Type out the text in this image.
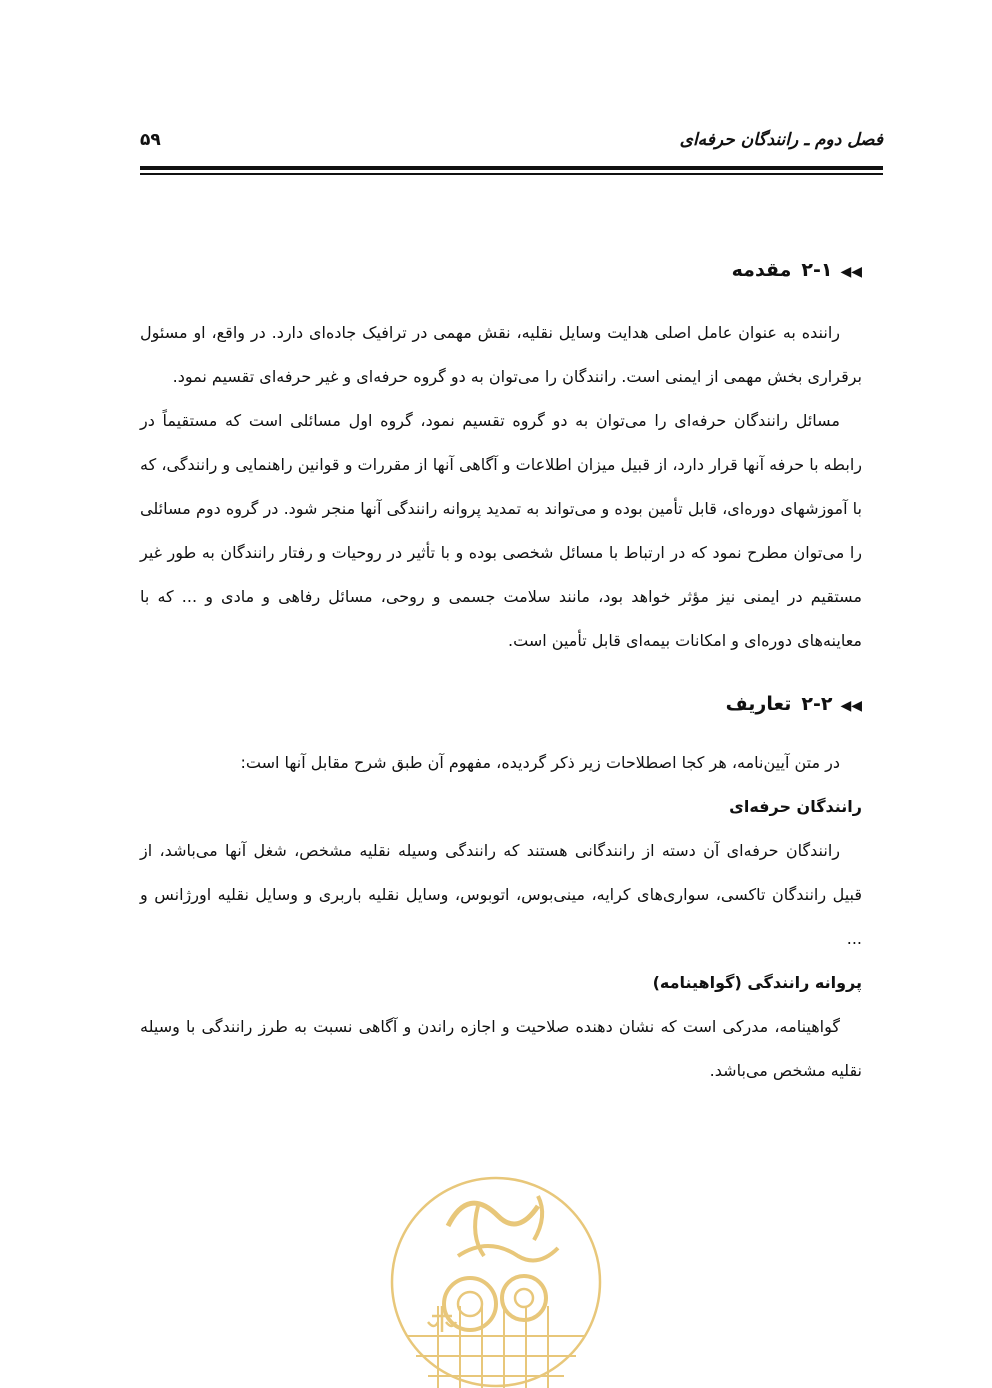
فصل دوم ـ رانندگان حرفه‌ای
۵۹
◀◀۲-۱مقدمه

راننده به عنوان عامل اصلی هدایت وسایل نقلیه، نقش مهمی در ترافیک جاده‌ای دارد. در واقع، او مسئول برقراری بخش مهمی از ایمنی است. رانندگان را می‌توان به دو گروه حرفه‌ای و غیر حرفه‌ای تقسیم نمود.

مسائل رانندگان حرفه‌ای را می‌توان به دو گروه تقسیم نمود، گروه اول مسائلی است که مستقیماً در رابطه با حرفه آنها قرار دارد، از قبیل میزان اطلاعات و آگاهی آنها از مقررات و قوانین راهنمایی و رانندگی، که با آموزشهای دوره‌ای، قابل تأمین بوده و می‌تواند به تمدید پروانه رانندگی آنها منجر شود. در گروه دوم مسائلی را می‌توان مطرح نمود که در ارتباط با مسائل شخصی بوده و با تأثیر در روحیات و رفتار رانندگان به طور غیر مستقیم در ایمنی نیز مؤثر خواهد بود، مانند سلامت جسمی و روحی، مسائل رفاهی و مادی و ... که با معاینه‌های دوره‌ای و امکانات بیمه‌ای قابل تأمین است.

◀◀۲-۲تعاریف

در متن آیین‌نامه، هر کجا اصطلاحات زیر ذکر گردیده، مفهوم آن طبق شرح مقابل آنها است:

رانندگان حرفه‌ای

رانندگان حرفه‌ای آن دسته از رانندگانی هستند که رانندگی وسیله نقلیه مشخص، شغل آنها می‌باشد، از قبیل رانندگان تاکسی، سواری‌های کرایه، مینی‌بوس، اتوبوس، وسایل نقلیه باربری و وسایل نقلیه اورژانس و ...

پروانه رانندگی (گواهینامه)

گواهینامه، مدرکی است که نشان دهنده صلاحیت و اجازه راندن و آگاهی نسبت به طرز رانندگی با وسیله نقلیه مشخص می‌باشد.
